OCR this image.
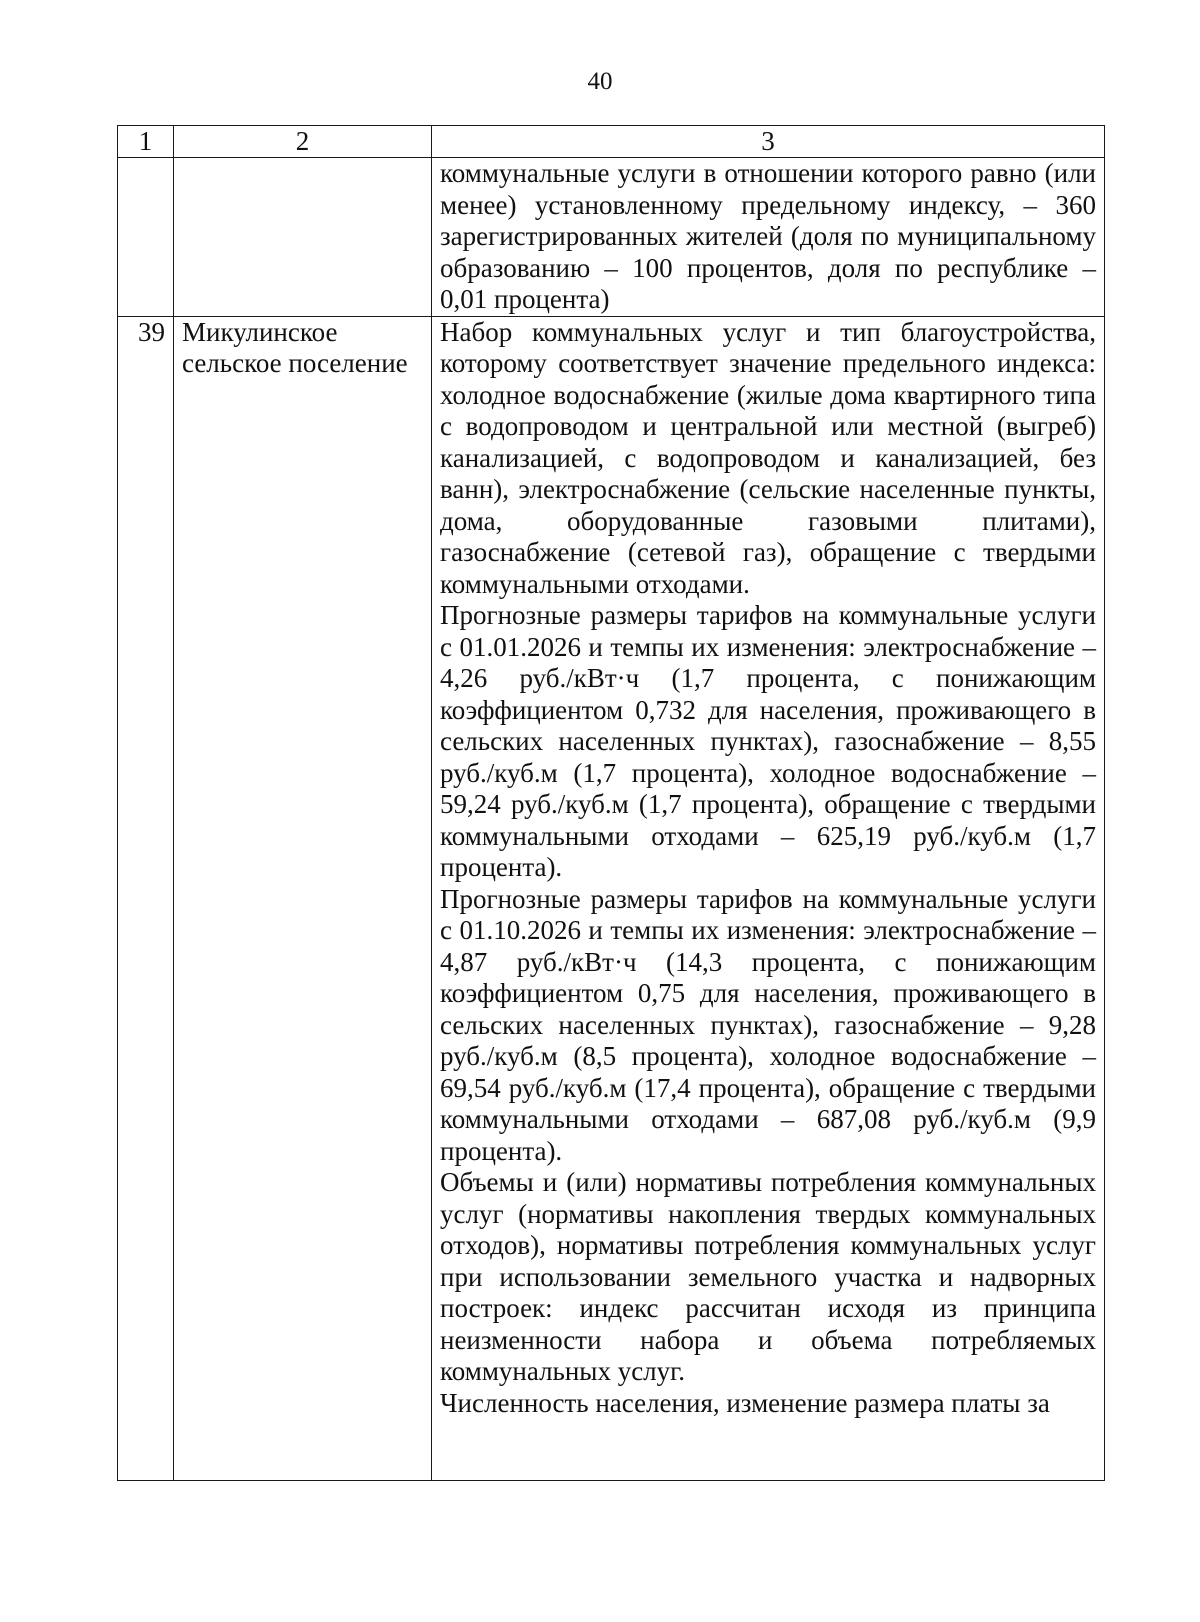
40
1	2	3
		коммунальные услуги в отношении которого равно (или менее) установленному предельному индексу, – 360 зарегистрированных жителей (доля по муниципальному образованию – 100 процентов, доля по республике – 0,01 процента)
39	Микулинское сельское поселение	Набор коммунальных услуг и тип благоустройства, которому соответствует значение предельного индекса: холодное водоснабжение (жилые дома квартирного типа с водопроводом и центральной или местной (выгреб) канализацией, с водопроводом и канализацией, без ванн), электроснабжение (сельские населенные пункты, дома, оборудованные газовыми плитами), газоснабжение (сетевой газ), обращение с твердыми коммунальными отходами.

Прогнозные размеры тарифов на коммунальные услуги с 01.01.2026 и темпы их изменения: электроснабжение – 4,26 руб./кВт·ч (1,7 процента, с понижающим коэффициентом 0,732 для населения, проживающего в сельских населенных пунктах), газоснабжение – 8,55 руб./куб.м (1,7 процента), холодное водоснабжение – 59,24 руб./куб.м (1,7 процента), обращение с твердыми коммунальными отходами – 625,19 руб./куб.м (1,7 процента).

Прогнозные размеры тарифов на коммунальные услуги с 01.10.2026 и темпы их изменения: электроснабжение – 4,87 руб./кВт·ч (14,3 процента, с понижающим коэффициентом 0,75 для населения, проживающего в сельских населенных пунктах), газоснабжение – 9,28 руб./куб.м (8,5 процента), холодное водоснабжение – 69,54 руб./куб.м (17,4 процента), обращение с твердыми коммунальными отходами – 687,08 руб./куб.м (9,9 процента).

Объемы и (или) нормативы потребления коммунальных услуг (нормативы накопления твердых коммунальных отходов), нормативы потребления коммунальных услуг при использовании земельного участка и надворных построек: индекс рассчитан исходя из принципа неизменности набора и объема потребляемых коммунальных услуг.

Численность населения, изменение размера платы за
